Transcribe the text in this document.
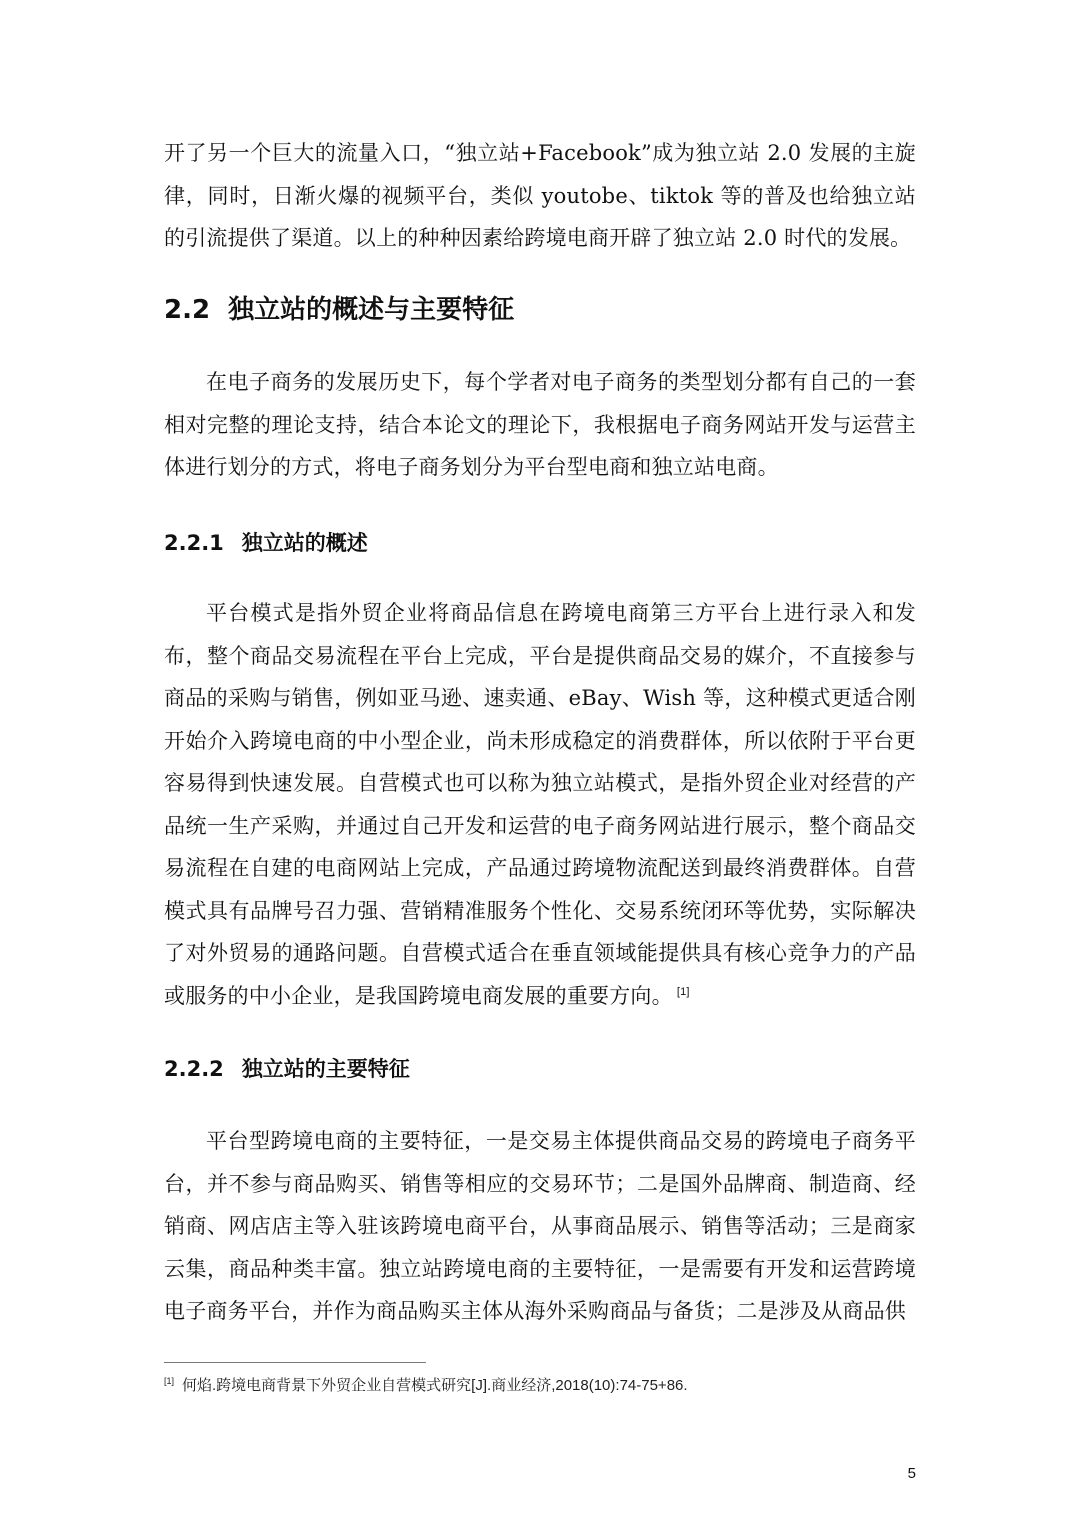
开了另一个巨大的流量入口，“独立站+Facebook”成为独立站 2.0 发展的主旋律，同时，日渐火爆的视频平台，类似 youtobe、tiktok 等的普及也给独立站的引流提供了渠道。以上的种种因素给跨境电商开辟了独立站 2.0 时代的发展。

2.2 独立站的概述与主要特征

在电子商务的发展历史下，每个学者对电子商务的类型划分都有自己的一套相对完整的理论支持，结合本论文的理论下，我根据电子商务网站开发与运营主体进行划分的方式，将电子商务划分为平台型电商和独立站电商。

2.2.1 独立站的概述

平台模式是指外贸企业将商品信息在跨境电商第三方平台上进行录入和发布，整个商品交易流程在平台上完成，平台是提供商品交易的媒介，不直接参与商品的采购与销售，例如亚马逊、速卖通、eBay、Wish 等，这种模式更适合刚开始介入跨境电商的中小型企业，尚未形成稳定的消费群体，所以依附于平台更容易得到快速发展。自营模式也可以称为独立站模式，是指外贸企业对经营的产品统一生产采购，并通过自己开发和运营的电子商务网站进行展示，整个商品交易流程在自建的电商网站上完成，产品通过跨境物流配送到最终消费群体。自营模式具有品牌号召力强、营销精准服务个性化、交易系统闭环等优势，实际解决了对外贸易的通路问题。自营模式适合在垂直领域能提供具有核心竞争力的产品或服务的中小企业，是我国跨境电商发展的重要方向。 [1]

2.2.2 独立站的主要特征

平台型跨境电商的主要特征，一是交易主体提供商品交易的跨境电子商务平台，并不参与商品购买、销售等相应的交易环节；二是国外品牌商、制造商、经销商、网店店主等入驻该跨境电商平台，从事商品展示、销售等活动；三是商家云集，商品种类丰富。独立站跨境电商的主要特征，一是需要有开发和运营跨境电子商务平台，并作为商品购买主体从海外采购商品与备货；二是涉及从商品供

[1] 何焰.跨境电商背景下外贸企业自营模式研究[J].商业经济,2018(10):74-75+86.
5
